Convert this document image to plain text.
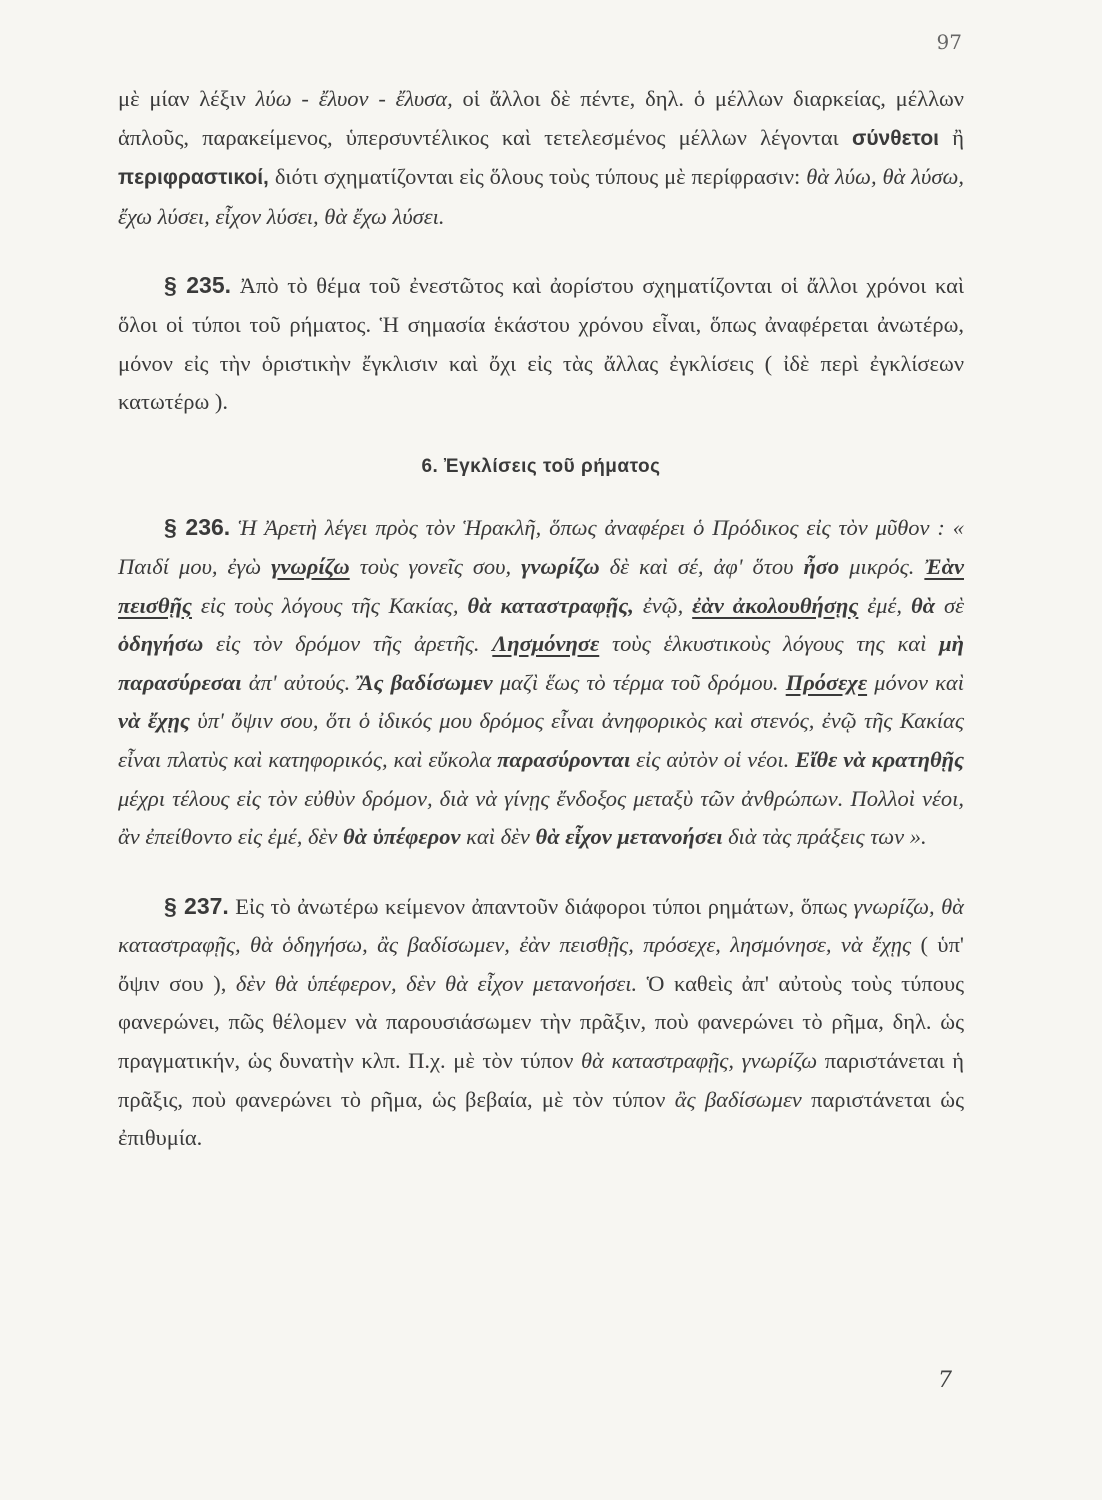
97

μὲ μίαν λέξιν λύω - ἔλυον - ἔλυσα, οἱ ἄλλοι δὲ πέντε, δηλ. ὁ μέλλων διαρκείας, μέλλων ἁπλοῦς, παρακείμενος, ὑπερσυντέλικος καὶ τετελεσμένος μέλλων λέγονται σύνθετοι ἢ περιφραστικοί, διότι σχηματίζονται εἰς ὅλους τοὺς τύπους μὲ περίφρασιν: θὰ λύω, θὰ λύσω, ἔχω λύσει, εἶχον λύσει, θὰ ἔχω λύσει.

§ 235. Ἀπὸ τὸ θέμα τοῦ ἐνεστῶτος καὶ ἀορίστου σχηματίζονται οἱ ἄλλοι χρόνοι καὶ ὅλοι οἱ τύποι τοῦ ρήματος. Ἡ σημασία ἑκάστου χρόνου εἶναι, ὅπως ἀναφέρεται ἀνωτέρω, μόνον εἰς τὴν ὁριστικὴν ἔγκλισιν καὶ ὄχι εἰς τὰς ἄλλας ἐγκλίσεις ( ἰδὲ περὶ ἐγκλίσεων κατωτέρω ).

6. Ἐγκλίσεις τοῦ ρήματος

§ 236. Ἡ Ἀρετὴ λέγει πρὸς τὸν Ἡρακλῆ, ὅπως ἀναφέρει ὁ Πρόδικος εἰς τὸν μῦθον : « Παιδί μου, ἐγὼ γνωρίζω τοὺς γονεῖς σου, γνωρίζω δὲ καὶ σέ, ἀφ' ὅτου ἦσο μικρός. Ἐὰν πεισθῇς εἰς τοὺς λόγους τῆς Κακίας, θὰ καταστραφῇς, ἐνῷ, ἐὰν ἀκολουθήσῃς ἐμέ, θὰ σὲ ὁδηγήσω εἰς τὸν δρόμον τῆς ἀρετῆς. Λησμόνησε τοὺς ἑλκυστικοὺς λόγους της καὶ μὴ παρασύρεσαι ἀπ' αὐτούς. Ἂς βαδίσωμεν μαζὶ ἕως τὸ τέρμα τοῦ δρόμου. Πρόσεχε μόνον καὶ νὰ ἔχῃς ὑπ' ὄψιν σου, ὅτι ὁ ἰδικός μου δρόμος εἶναι ἀνηφορικὸς καὶ στενός, ἐνῷ τῆς Κακίας εἶναι πλατὺς καὶ κατηφορικός, καὶ εὔκολα παρασύρονται εἰς αὐτὸν οἱ νέοι. Εἴθε νὰ κρατηθῇς μέχρι τέλους εἰς τὸν εὐθὺν δρόμον, διὰ νὰ γίνῃς ἔνδοξος μεταξὺ τῶν ἀνθρώπων. Πολλοὶ νέοι, ἂν ἐπείθοντο εἰς ἐμέ, δὲν θὰ ὑπέφερον καὶ δὲν θὰ εἶχον μετανοήσει διὰ τὰς πράξεις των ».

§ 237. Εἰς τὸ ἀνωτέρω κείμενον ἀπαντοῦν διάφοροι τύποι ρημάτων, ὅπως γνωρίζω, θὰ καταστραφῇς, θὰ ὁδηγήσω, ἂς βαδίσωμεν, ἐὰν πεισθῇς, πρόσεχε, λησμόνησε, νὰ ἔχῃς ( ὑπ' ὄψιν σου ), δὲν θὰ ὑπέφερον, δὲν θὰ εἶχον μετανοήσει. Ὁ καθεὶς ἀπ' αὐτοὺς τοὺς τύπους φανερώνει, πῶς θέλομεν νὰ παρουσιάσωμεν τὴν πρᾶξιν, ποὺ φανερώνει τὸ ρῆμα, δηλ. ὡς πραγματικήν, ὡς δυνατὴν κλπ. Π.χ. μὲ τὸν τύπον θὰ καταστραφῇς, γνωρίζω παριστάνεται ἡ πρᾶξις, ποὺ φανερώνει τὸ ρῆμα, ὡς βεβαία, μὲ τὸν τύπον ἂς βαδίσωμεν παριστάνεται ὡς ἐπιθυμία.

7
